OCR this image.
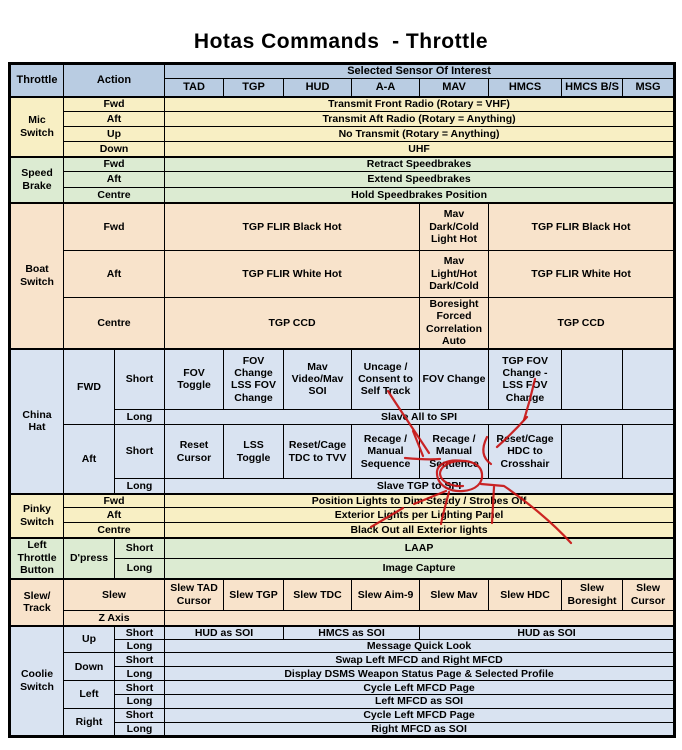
Hotas Commands  - Throttle
Throttle	Action		Selected Sensor Of Interest							
			TAD	TGP	HUD	A-A	MAV	HMCS	HMCS B/S	MSG
Mic Switch	Fwd		Transmit Front Radio (Rotary = VHF)							
	Aft		Transmit Aft Radio (Rotary = Anything)							
	Up		No Transmit (Rotary = Anything)							
	Down		UHF							
Speed Brake	Fwd		Retract Speedbrakes							
	Aft		Extend Speedbrakes							
	Centre		Hold Speedbrakes Position							
Boat Switch	Fwd		TGP FLIR Black Hot				Mav Dark/Cold Light Hot	TGP FLIR Black Hot		
	Aft		TGP FLIR White Hot				Mav Light/Hot Dark/Cold	TGP FLIR White Hot		
	Centre		TGP CCD				Boresight Forced Correlation Auto	TGP CCD		
China Hat	FWD	Short	FOV Toggle	FOV Change LSS FOV Change	Mav Video/Mav SOI	Uncage / Consent to Self Track	FOV Change	TGP FOV Change - LSS FOV Change		
		Long	Slave All to SPI							
	Aft	Short	Reset Cursor	LSS Toggle	Reset/Cage TDC to TVV	Recage / Manual Sequence	Recage / Manual Sequence	Reset/Cage HDC to Crosshair		
		Long	Slave TGP to SPI							
Pinky Switch	Fwd		Position Lights to Dim Steady / Strobes Off							
	Aft		Exterior Lights per Lighting Panel							
	Centre		Black Out all Exterior lights							
Left Throttle Button	D'press	Short	LAAP							
		Long	Image Capture							
Slew/ Track	Slew		Slew TAD Cursor	Slew TGP	Slew TDC	Slew Aim-9	Slew Mav	Slew HDC	Slew Boresight	Slew Cursor
	Z Axis									
Coolie Switch	Up	Short	HUD as SOI		HMCS as SOI		HUD as SOI			
		Long	Message Quick Look							
	Down	Short	Swap Left MFCD and Right MFCD							
		Long	Display DSMS Weapon Status Page & Selected Profile							
	Left	Short	Cycle Left MFCD Page							
		Long	Left MFCD as SOI							
	Right	Short	Cycle Left MFCD Page							
		Long	Right MFCD as SOI							
